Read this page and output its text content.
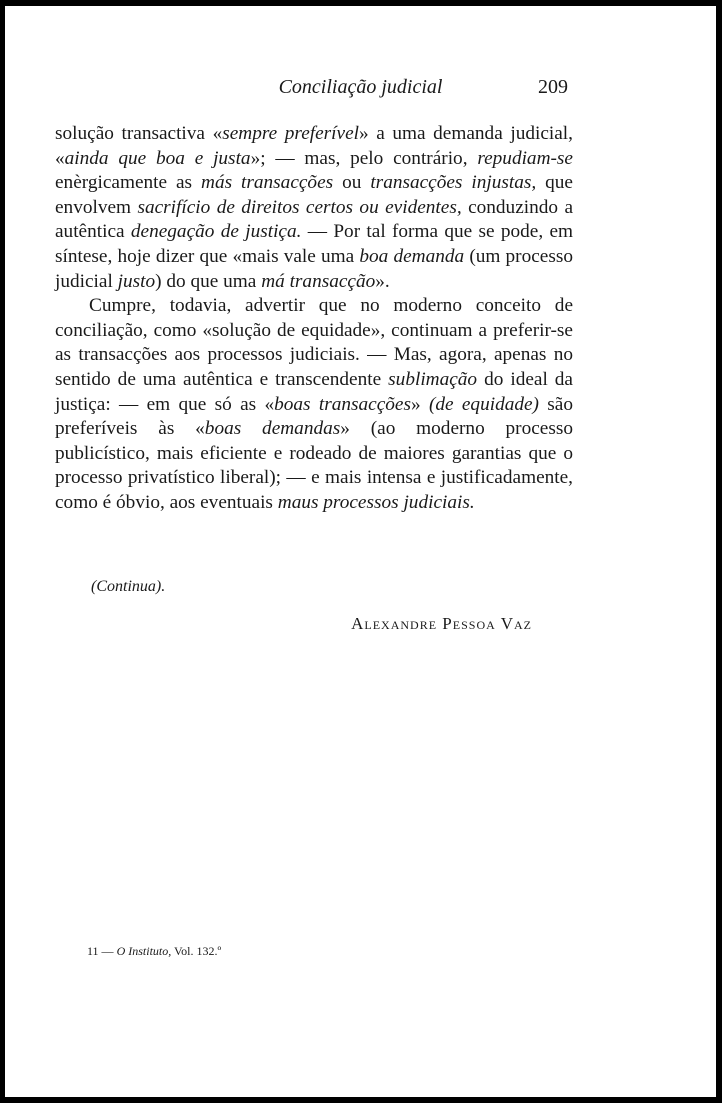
Conciliação judicial	209

solução transactiva «sempre preferível» a uma demanda judicial, «ainda que boa e justa»; — mas, pelo contrário, repudiam-se enèrgicamente as más transacções ou transacções injustas, que envolvem sacrifício de direitos certos ou evidentes, conduzindo a autêntica denegação de justiça. — Por tal forma que se pode, em síntese, hoje dizer que «mais vale uma boa demanda (um processo judicial justo) do que uma má transacção».

Cumpre, todavia, advertir que no moderno conceito de conciliação, como «solução de equidade», continuam a preferir-se as transacções aos processos judiciais. — Mas, agora, apenas no sentido de uma autêntica e transcendente sublimação do ideal da justiça: — em que só as «boas transacções» (de equidade) são preferíveis às «boas demandas» (ao moderno processo publicístico, mais eficiente e rodeado de maiores garantias que o processo privatístico liberal); — e mais intensa e justificadamente, como é óbvio, aos eventuais maus processos judiciais.

(Continua).
Alexandre Pessoa Vaz
11 — O Instituto, Vol. 132.º
